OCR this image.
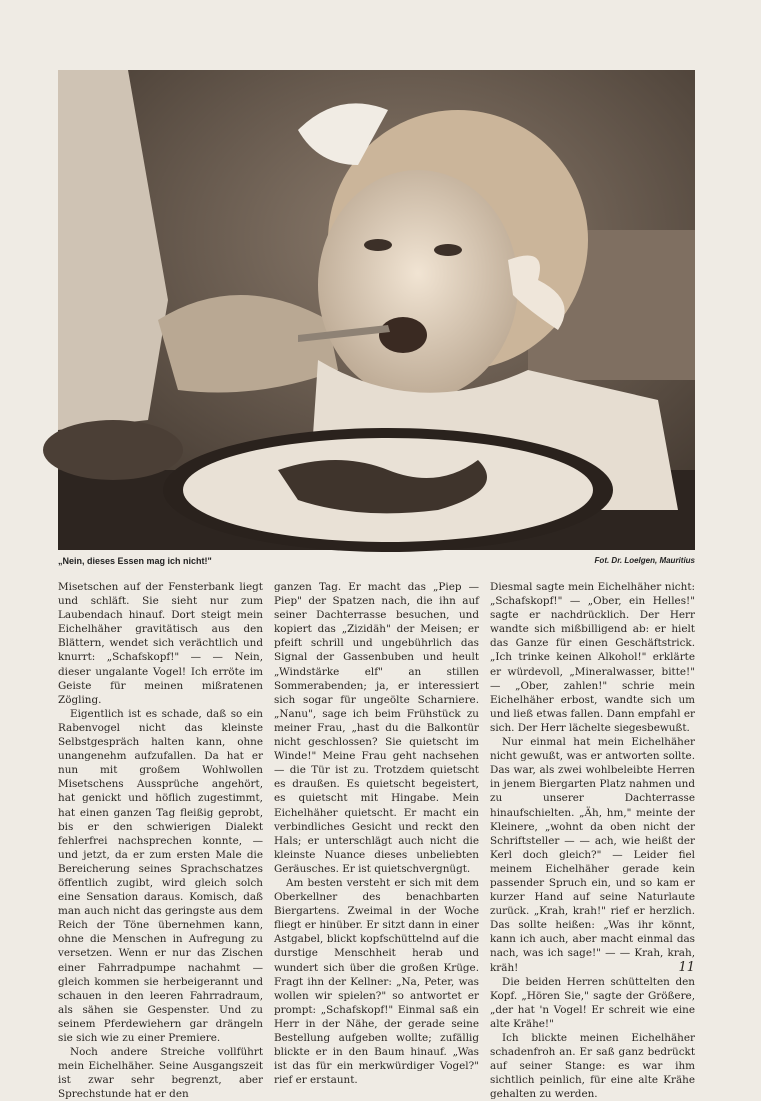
„Nein, dieses Essen mag ich nicht!"	Fot. Dr. Loelgen, Mauritius

Misetschen auf der Fensterbank liegt und schläft. Sie sieht nur zum Laubendach hinauf. Dort steigt mein Eichelhäher gravitätisch aus den Blättern, wendet sich verächtlich und knurrt: „Schafskopf!" — — Nein, dieser ungalante Vogel! Ich erröte im Geiste für meinen mißratenen Zögling.

Eigentlich ist es schade, daß so ein Rabenvogel nicht das kleinste Selbstgespräch halten kann, ohne unangenehm aufzufallen. Da hat er nun mit großem Wohlwollen Misetschens Aussprüche angehört, hat genickt und höflich zugestimmt, hat einen ganzen Tag fleißig geprobt, bis er den schwierigen Dialekt fehlerfrei nachsprechen konnte, — und jetzt, da er zum ersten Male die Bereicherung seines Sprachschatzes öffentlich zugibt, wird gleich solch eine Sensation daraus. Komisch, daß man auch nicht das geringste aus dem Reich der Töne übernehmen kann, ohne die Menschen in Aufregung zu versetzen. Wenn er nur das Zischen einer Fahrradpumpe nachahmt — gleich kommen sie herbeigerannt und schauen in den leeren Fahrradraum, als sähen sie Gespenster. Und zu seinem Pferdewiehern gar drängeln sie sich wie zu einer Premiere.

Noch andere Streiche vollführt mein Eichelhäher. Seine Ausgangszeit ist zwar sehr begrenzt, aber Sprechstunde hat er den

ganzen Tag. Er macht das „Piep — Piep" der Spatzen nach, die ihn auf seiner Dachterrasse besuchen, und kopiert das „Zizidäh" der Meisen; er pfeift schrill und ungebührlich das Signal der Gassenbuben und heult „Windstärke elf" an stillen Sommerabenden; ja, er interessiert sich sogar für ungeölte Scharniere. „Nanu", sage ich beim Frühstück zu meiner Frau, „hast du die Balkontür nicht geschlossen? Sie quietscht im Winde!" Meine Frau geht nachsehen — die Tür ist zu. Trotzdem quietscht es draußen. Es quietscht begeistert, es quietscht mit Hingabe. Mein Eichelhäher quietscht. Er macht ein verbindliches Gesicht und reckt den Hals; er unterschlägt auch nicht die kleinste Nuance dieses unbeliebten Geräusches. Er ist quietschvergnügt.

Am besten versteht er sich mit dem Oberkellner des benachbarten Biergartens. Zweimal in der Woche fliegt er hinüber. Er sitzt dann in einer Astgabel, blickt kopfschüttelnd auf die durstige Menschheit herab und wundert sich über die großen Krüge. Fragt ihn der Kellner: „Na, Peter, was wollen wir spielen?" so antwortet er prompt: „Schafskopf!" Einmal saß ein Herr in der Nähe, der gerade seine Bestellung aufgeben wollte; zufällig blickte er in den Baum hinauf. „Was ist das für ein merkwürdiger Vogel?" rief er erstaunt.

Diesmal sagte mein Eichelhäher nicht: „Schafskopf!" — „Ober, ein Helles!" sagte er nachdrücklich. Der Herr wandte sich mißbilligend ab: er hielt das Ganze für einen Geschäftstrick. „Ich trinke keinen Alkohol!" erklärte er würdevoll, „Mineralwasser, bitte!" — „Ober, zahlen!" schrie mein Eichelhäher erbost, wandte sich um und ließ etwas fallen. Dann empfahl er sich. Der Herr lächelte siegesbewußt.

Nur einmal hat mein Eichelhäher nicht gewußt, was er antworten sollte. Das war, als zwei wohlbeleibte Herren in jenem Biergarten Platz nahmen und zu unserer Dachterrasse hinaufschielten. „Äh, hm," meinte der Kleinere, „wohnt da oben nicht der Schriftsteller — — ach, wie heißt der Kerl doch gleich?" — Leider fiel meinem Eichelhäher gerade kein passender Spruch ein, und so kam er kurzer Hand auf seine Naturlaute zurück. „Krah, krah!" rief er herzlich. Das sollte heißen: „Was ihr könnt, kann ich auch, aber macht einmal das nach, was ich sage!" — — Krah, krah, kräh!

Die beiden Herren schüttelten den Kopf. „Hören Sie," sagte der Größere, „der hat 'n Vogel! Er schreit wie eine alte Krähe!"

Ich blickte meinen Eichelhäher schadenfroh an. Er saß ganz bedrückt auf seiner Stange: es war ihm sichtlich peinlich, für eine alte Krähe gehalten zu werden.

11
